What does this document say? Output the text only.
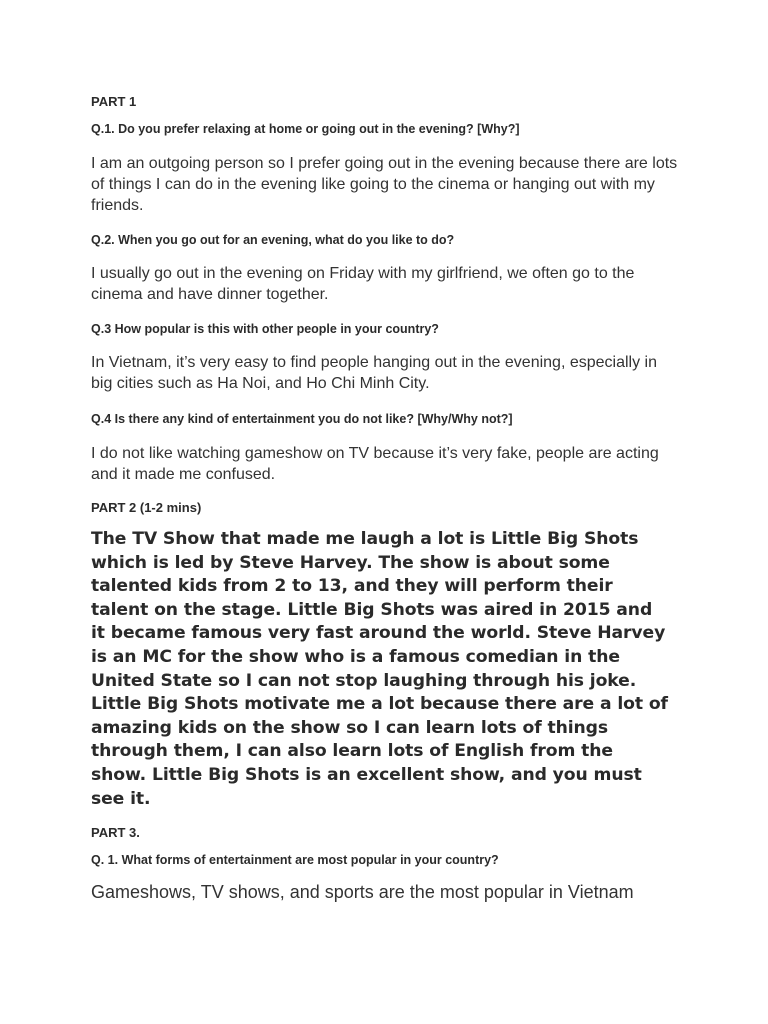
PART 1
Q.1. Do you prefer relaxing at home or going out in the evening? [Why?]
I am an outgoing person so I prefer going out in the evening because there are lots of things I can do in the evening like going to the cinema or hanging out with my friends.
Q.2. When you go out for an evening, what do you like to do?
I usually go out in the evening on Friday with my girlfriend, we often go to the cinema and have dinner together.
Q.3 How popular is this with other people in your country?
In Vietnam, it’s very easy to find people hanging out in the evening, especially in big cities such as Ha Noi, and Ho Chi Minh City.
Q.4 Is there any kind of entertainment you do not like? [Why/Why not?]
I do not like watching gameshow on TV because it’s very fake, people are acting and it made me confused.
PART 2 (1-2 mins)
The TV Show that made me laugh a lot is Little Big Shots which is led by Steve Harvey. The show is about some talented kids from 2 to 13, and they will perform their talent on the stage. Little Big Shots was aired in 2015 and it became famous very fast around the world. Steve Harvey is an MC for the show who is a famous comedian in the United State so I can not stop laughing through his joke. Little Big Shots motivate me a lot because there are a lot of amazing kids on the show so I can learn lots of things through them, I can also learn lots of English from the show. Little Big Shots is an excellent show, and you must see it.
PART 3.
Q. 1. What forms of entertainment are most popular in your country?
Gameshows, TV shows, and sports are the most popular in Vietnam
